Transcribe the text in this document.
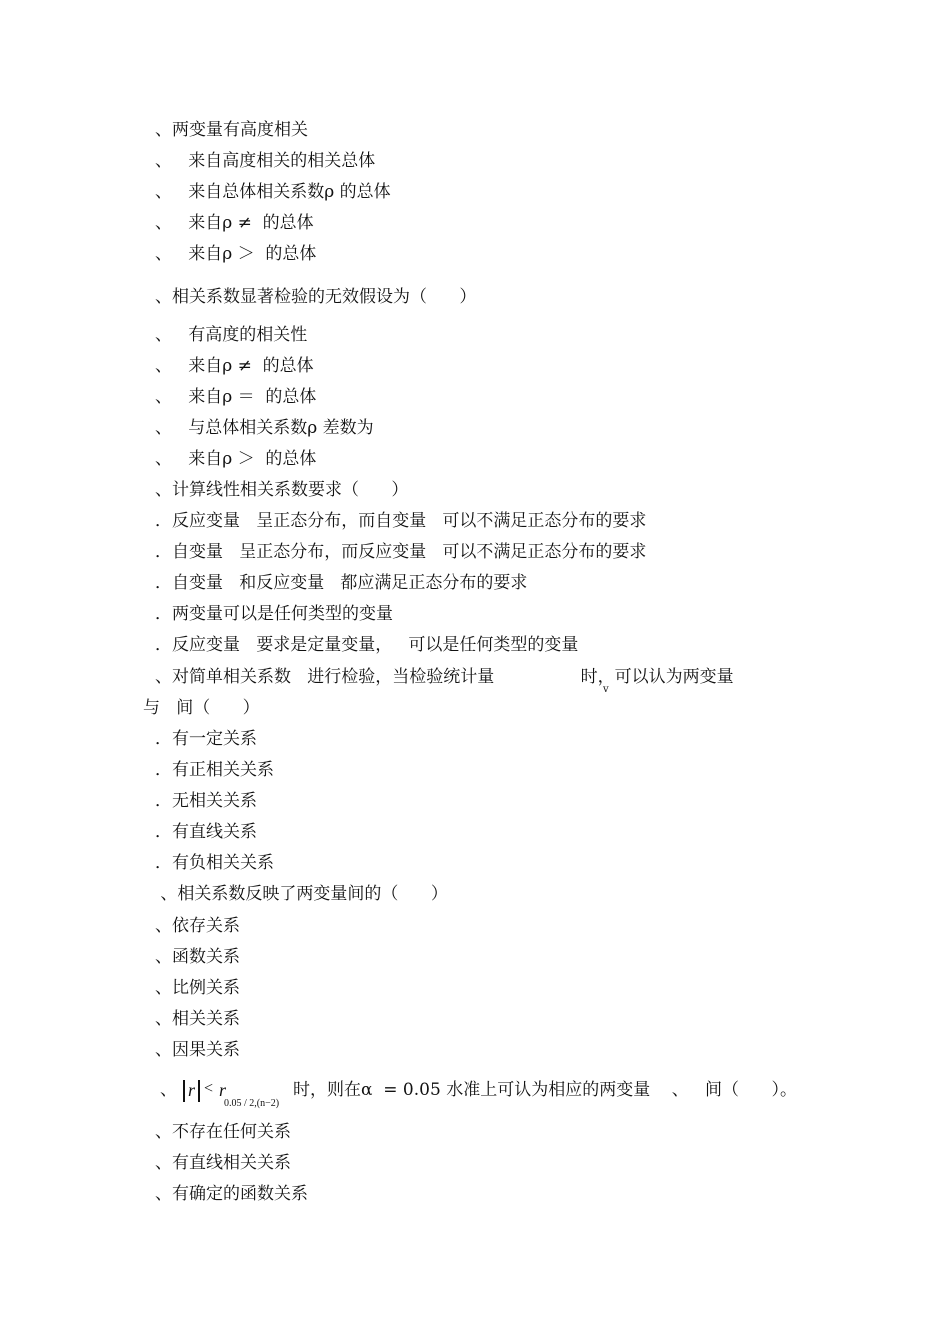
、两变量有高度相关
、   来自高度相关的相关总体
、   来自总体相关系数ρ 的总体
、   来自ρ ≠  的总体
、   来自ρ ＞  的总体
、相关系数显著检验的无效假设为（      ）
、   有高度的相关性
、   来自ρ ≠  的总体
、   来自ρ ＝  的总体
、   与总体相关系数ρ 差数为
、   来自ρ ＞  的总体
、计算线性相关系数要求（      ）
．反应变量   呈正态分布，而自变量   可以不满足正态分布的要求
．自变量   呈正态分布，而反应变量   可以不满足正态分布的要求
．自变量   和反应变量   都应满足正态分布的要求
．两变量可以是任何类型的变量
．反应变量   要求是定量变量，   可以是任何类型的变量
、对简单相关系数   进行检验，当检验统计量                时，可以认为两变量
v
与   间（      ）
．有一定关系
．有正相关关系
．无相关关系
．有直线关系
．有负相关关系
、相关系数反映了两变量间的（      ）
、依存关系
、函数关系
、比例关系
、相关关系
、因果关系
、 r < r
0.05 / 2,(n−2)
时，则在α  = 0.05 水准上可认为相应的两变量    、   间（      ）。
、不存在任何关系
、有直线相关关系
、有确定的函数关系
